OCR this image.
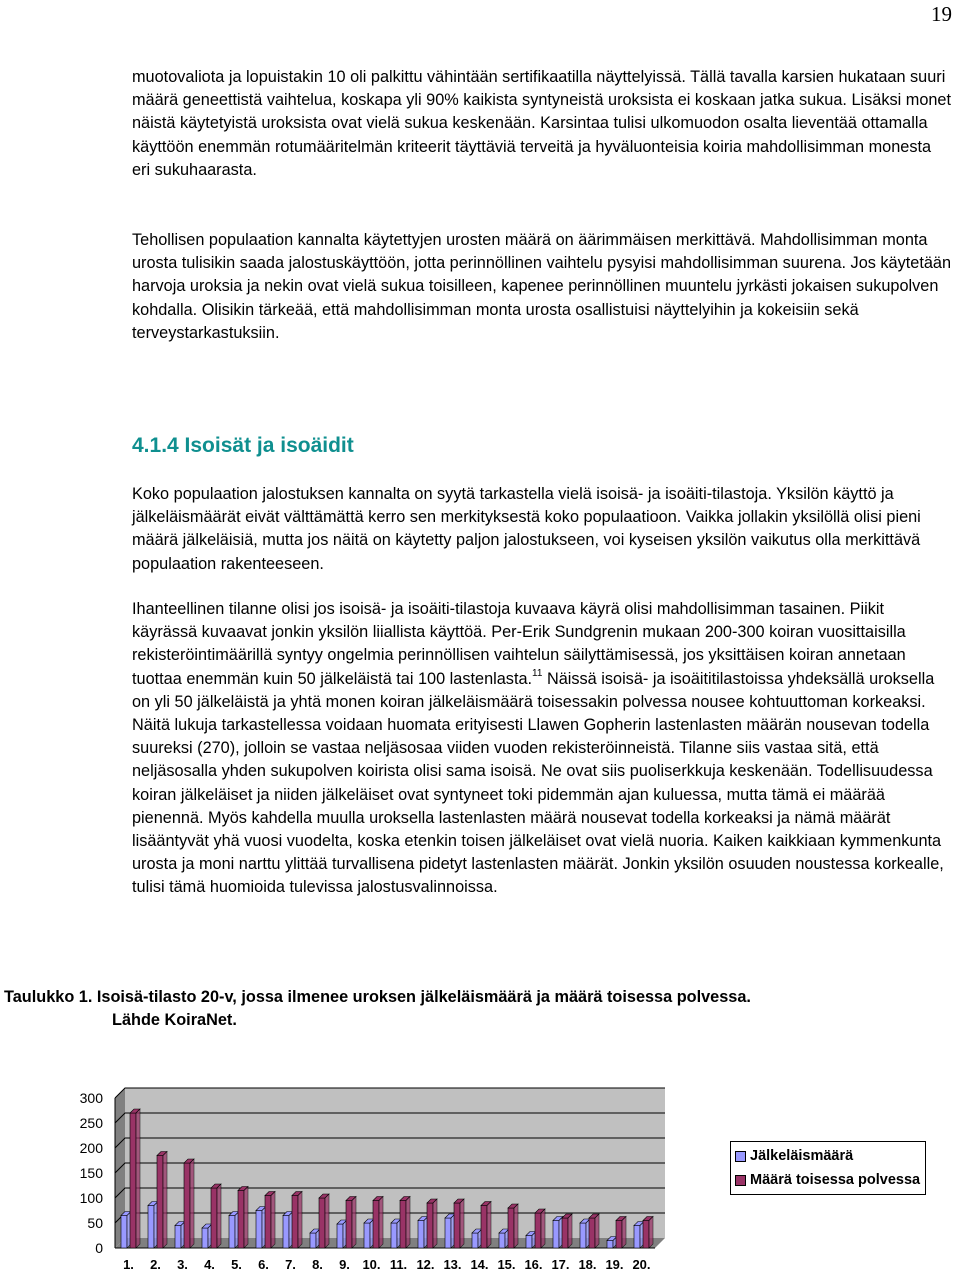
19

muotovaliota ja lopuistakin 10 oli palkittu vähintään sertifikaatilla näyttelyissä. Tällä tavalla karsien hukataan suuri määrä geneettistä vaihtelua, koskapa yli 90% kaikista syntyneistä uroksista ei koskaan jatka sukua. Lisäksi monet näistä käytetyistä uroksista ovat vielä sukua keskenään. Karsintaa tulisi ulkomuodon osalta lieventää ottamalla käyttöön enemmän rotumääritelmän kriteerit täyttäviä terveitä ja hyväluonteisia koiria mahdollisimman monesta eri sukuhaarasta.

Tehollisen populaation kannalta käytettyjen urosten määrä on äärimmäisen merkittävä. Mahdollisimman monta urosta tulisikin saada jalostuskäyttöön, jotta perinnöllinen vaihtelu pysyisi mahdollisimman suurena. Jos käytetään harvoja uroksia ja nekin ovat vielä sukua toisilleen, kapenee perinnöllinen muuntelu jyrkästi jokaisen sukupolven kohdalla. Olisikin tärkeää, että mahdollisimman monta urosta osallistuisi näyttelyihin ja kokeisiin sekä terveystarkastuksiin.

4.1.4 Isoisät ja isoäidit

Koko populaation jalostuksen kannalta on syytä tarkastella vielä isoisä- ja isoäiti-tilastoja. Yksilön käyttö ja jälkeläismäärät eivät välttämättä kerro sen merkityksestä koko populaatioon. Vaikka jollakin yksilöllä olisi pieni määrä jälkeläisiä, mutta jos näitä on käytetty paljon jalostukseen, voi kyseisen yksilön vaikutus olla merkittävä populaation rakenteeseen.

Ihanteellinen tilanne olisi jos isoisä- ja isoäiti-tilastoja kuvaava käyrä olisi mahdollisimman tasainen. Piikit käyrässä kuvaavat jonkin yksilön liiallista käyttöä. Per-Erik Sundgrenin mukaan 200-300 koiran vuosittaisilla rekisteröintimäärillä syntyy ongelmia perinnöllisen vaihtelun säilyttämisessä, jos yksittäisen koiran annetaan tuottaa enemmän kuin 50 jälkeläistä tai 100 lastenlasta.$^{11}$ Näissä isoisä- ja isoäititilastoissa yhdeksällä uroksella on yli 50 jälkeläistä ja yhtä monen koiran jälkeläismäärä toisessakin polvessa nousee kohtuuttoman korkeaksi. Näitä lukuja tarkastellessa voidaan huomata erityisesti Llawen Gopherin lastenlasten määrän nousevan todella suureksi (270), jolloin se vastaa neljäsosaa viiden vuoden rekisteröinneistä. Tilanne siis vastaa sitä, että neljäsosalla yhden sukupolven koirista olisi sama isoisä. Ne ovat siis puoliserkkuja keskenään. Todellisuudessa koiran jälkeläiset ja niiden jälkeläiset ovat syntyneet toki pidemmän ajan kuluessa, mutta tämä ei määrää pienennä. Myös kahdella muulla uroksella lastenlasten määrä nousevat todella korkeaksi ja nämä määrät lisääntyvät yhä vuosi vuodelta, koska etenkin toisen jälkeläiset ovat vielä nuoria. Kaiken kaikkiaan kymmenkunta urosta ja moni narttu ylittää turvallisena pidetyt lastenlasten määrät. Jonkin yksilön osuuden noustessa korkealle, tulisi tämä huomioida tulevissa jalostusvalinnoissa.

Taulukko 1. Isoisä-tilasto 20-v, jossa ilmenee uroksen jälkeläismäärä ja määrä toisessa polvessa.
Lähde KoiraNet.

0
50
100
150
200
250
300
1. 2. 3. 4. 5. 6. 7. 8. 9. 10. 11. 12. 13. 14. 15. 16. 17. 18. 19. 20.
Jälkeläismäärä
Määrä toisessa polvessa
